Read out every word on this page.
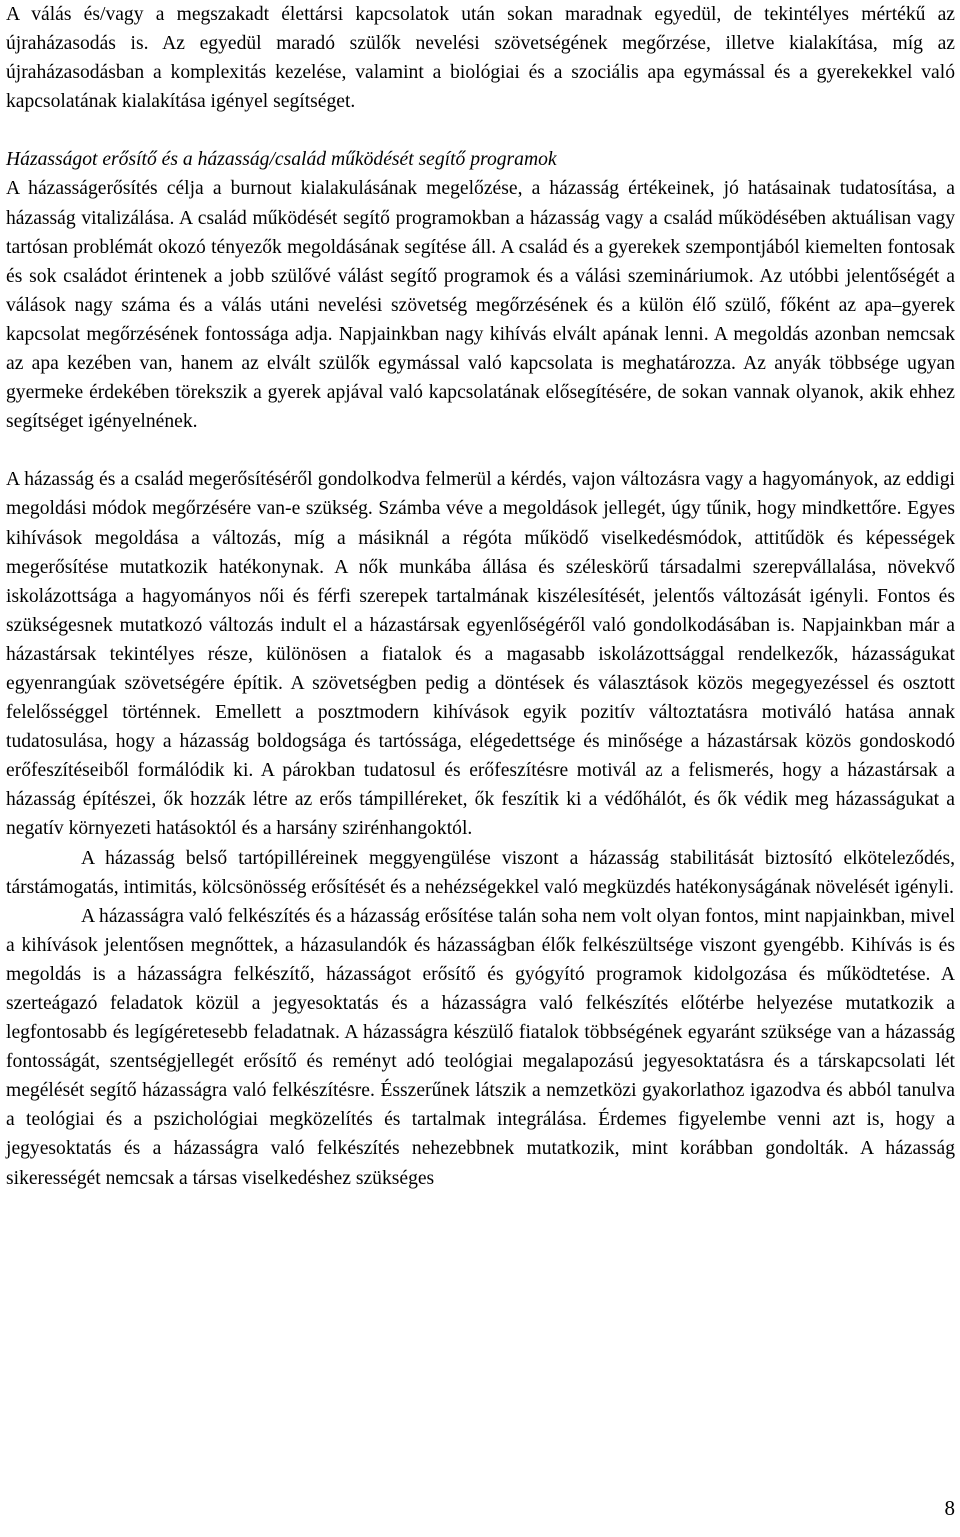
A válás és/vagy a megszakadt élettársi kapcsolatok után sokan maradnak egyedül, de tekintélyes mértékű az újraházasodás is. Az egyedül maradó szülők nevelési szövetségének megőrzése, illetve kialakítása, míg az újraházasodásban a komplexitás kezelése, valamint a biológiai és a szociális apa egymással és a gyerekekkel való kapcsolatának kialakítása igényel segítséget.

Házasságot erősítő és a házasság/család működését segítő programok

A házasságerősítés célja a burnout kialakulásának megelőzése, a házasság értékeinek, jó hatásainak tudatosítása, a házasság vitalizálása. A család működését segítő programokban a házasság vagy a család működésében aktuálisan vagy tartósan problémát okozó tényezők megoldásának segítése áll. A család és a gyerekek szempontjából kiemelten fontosak és sok családot érintenek a jobb szülővé válást segítő programok és a válási szemináriumok. Az utóbbi jelentőségét a válások nagy száma és a válás utáni nevelési szövetség megőrzésének és a külön élő szülő, főként az apa–gyerek kapcsolat megőrzésének fontossága adja. Napjainkban nagy kihívás elvált apának lenni. A megoldás azonban nemcsak az apa kezében van, hanem az elvált szülők egymással való kapcsolata is meghatározza. Az anyák többsége ugyan gyermeke érdekében törekszik a gyerek apjával való kapcsolatának elősegítésére, de sokan vannak olyanok, akik ehhez segítséget igényelnének.

A házasság és a család megerősítéséről gondolkodva felmerül a kérdés, vajon változásra vagy a hagyományok, az eddigi megoldási módok megőrzésére van-e szükség. Számba véve a megoldások jellegét, úgy tűnik, hogy mindkettőre. Egyes kihívások megoldása a változás, míg a másiknál a régóta működő viselkedésmódok, attitűdök és képességek megerősítése mutatkozik hatékonynak. A nők munkába állása és széleskörű társadalmi szerepvállalása, növekvő iskolázottsága a hagyományos női és férfi szerepek tartalmának kiszélesítését, jelentős változását igényli. Fontos és szükségesnek mutatkozó változás indult el a házastársak egyenlőségéről való gondolkodásában is. Napjainkban már a házastársak tekintélyes része, különösen a fiatalok és a magasabb iskolázottsággal rendelkezők, házasságukat egyenrangúak szövetségére építik. A szövetségben pedig a döntések és választások közös megegyezéssel és osztott felelősséggel történnek. Emellett a posztmodern kihívások egyik pozitív változtatásra motiváló hatása annak tudatosulása, hogy a házasság boldogsága és tartóssága, elégedettsége és minősége a házastársak közös gondoskodó erőfeszítéseiből formálódik ki. A párokban tudatosul és erőfeszítésre motivál az a felismerés, hogy a házastársak a házasság építészei, ők hozzák létre az erős támpilléreket, ők feszítik ki a védőhálót, és ők védik meg házasságukat a negatív környezeti hatásoktól és a harsány szirénhangoktól.

A házasság belső tartópilléreinek meggyengülése viszont a házasság stabilitását biztosító elköteleződés, társtámogatás, intimitás, kölcsönösség erősítését és a nehézségekkel való megküzdés hatékonyságának növelését igényli.

A házasságra való felkészítés és a házasság erősítése talán soha nem volt olyan fontos, mint napjainkban, mivel a kihívások jelentősen megnőttek, a házasulandók és házasságban élők felkészültsége viszont gyengébb. Kihívás is és megoldás is a házasságra felkészítő, házasságot erősítő és gyógyító programok kidolgozása és működtetése. A szerteágazó feladatok közül a jegyesoktatás és a házasságra való felkészítés előtérbe helyezése mutatkozik a legfontosabb és legígéretesebb feladatnak. A házasságra készülő fiatalok többségének egyaránt szüksége van a házasság fontosságát, szentségjellegét erősítő és reményt adó teológiai megalapozású jegyesoktatásra és a társkapcsolati lét megélését segítő házasságra való felkészítésre. Ésszerűnek látszik a nemzetközi gyakorlathoz igazodva és abból tanulva a teológiai és a pszichológiai megközelítés és tartalmak integrálása. Érdemes figyelembe venni azt is, hogy a jegyesoktatás és a házasságra való felkészítés nehezebbnek mutatkozik, mint korábban gondolták. A házasság sikerességét nemcsak a társas viselkedéshez szükséges

8
